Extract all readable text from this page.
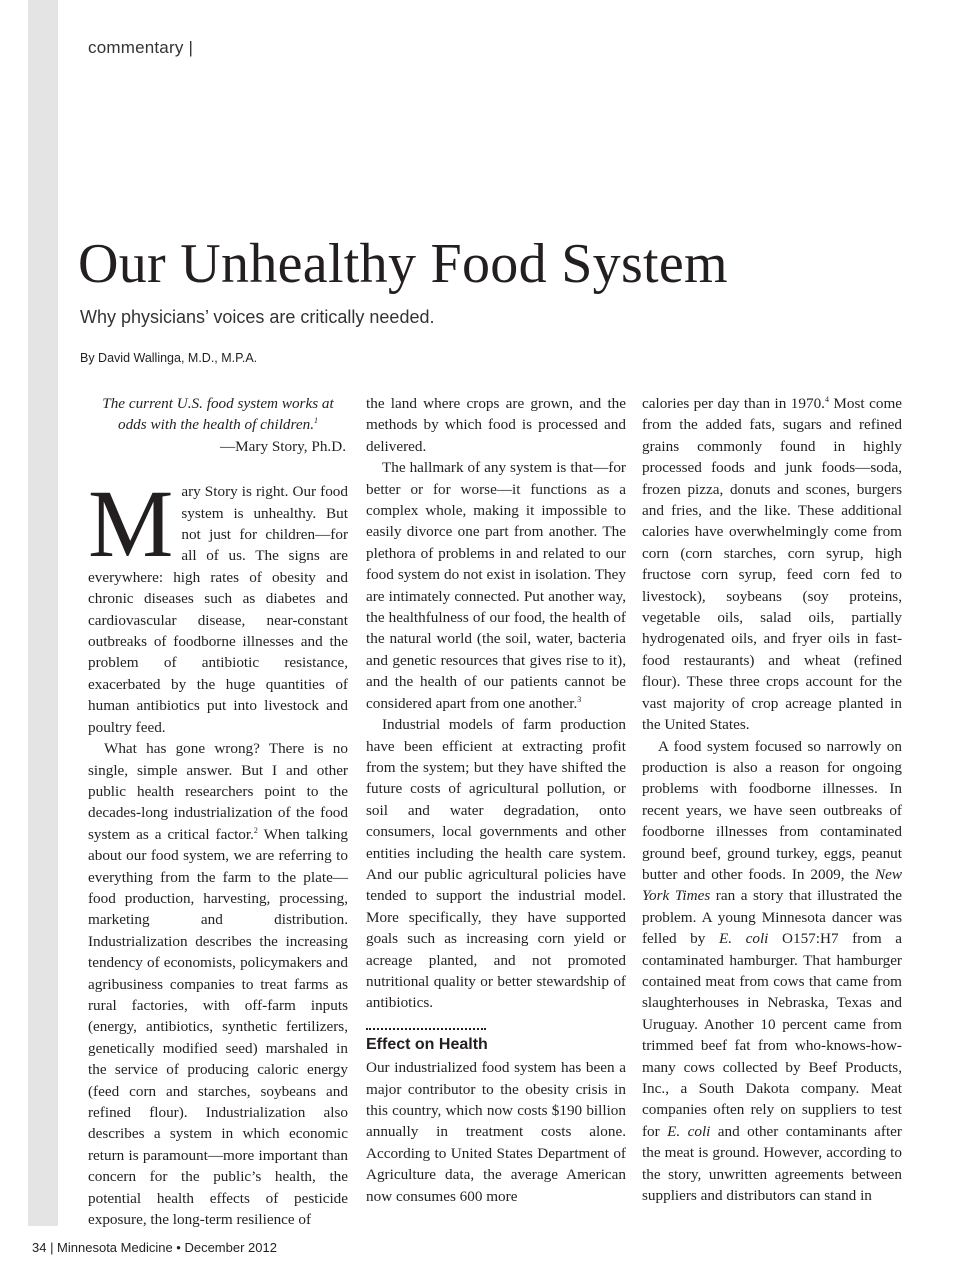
commentary |
Our Unhealthy Food System
Why physicians’ voices are critically needed.
By David Wallinga, M.D., M.P.A.
The current U.S. food system works at odds with the health of children.$^1$
—Mary Story, Ph.D.

Mary Story is right. Our food system is unhealthy. But not just for children—for all of us. The signs are everywhere: high rates of obesity and chronic diseases such as diabetes and cardiovascular disease, near-constant outbreaks of foodborne illnesses and the problem of antibiotic resistance, exacerbated by the huge quantities of human antibiotics put into livestock and poultry feed.

What has gone wrong? There is no single, simple answer. But I and other public health researchers point to the decades-long industrialization of the food system as a critical factor.$^2$ When talking about our food system, we are referring to everything from the farm to the plate—food production, harvesting, processing, marketing and distribution. Industrialization describes the increasing tendency of economists, policymakers and agribusiness companies to treat farms as rural factories, with off-farm inputs (energy, antibiotics, synthetic fertilizers, genetically modified seed) marshaled in the service of producing caloric energy (feed corn and starches, soybeans and refined flour). Industrialization also describes a system in which economic return is paramount—more important than concern for the public’s health, the potential health effects of pesticide exposure, the long-term resilience of

the land where crops are grown, and the methods by which food is processed and delivered.

The hallmark of any system is that—for better or for worse—it functions as a complex whole, making it impossible to easily divorce one part from another. The plethora of problems in and related to our food system do not exist in isolation. They are intimately connected. Put another way, the healthfulness of our food, the health of the natural world (the soil, water, bacteria and genetic resources that gives rise to it), and the health of our patients cannot be considered apart from one another.$^3$

Industrial models of farm production have been efficient at extracting profit from the system; but they have shifted the future costs of agricultural pollution, or soil and water degradation, onto consumers, local governments and other entities including the health care system. And our public agricultural policies have tended to support the industrial model. More specifically, they have supported goals such as increasing corn yield or acreage planted, and not promoted nutritional quality or better stewardship of antibiotics.

Effect on Health

Our industrialized food system has been a major contributor to the obesity crisis in this country, which now costs $190 billion annually in treatment costs alone. According to United States Department of Agriculture data, the average American now consumes 600 more

calories per day than in 1970.$^4$ Most come from the added fats, sugars and refined grains commonly found in highly processed foods and junk foods—soda, frozen pizza, donuts and scones, burgers and fries, and the like. These additional calories have overwhelmingly come from corn (corn starches, corn syrup, high fructose corn syrup, feed corn fed to livestock), soybeans (soy proteins, vegetable oils, salad oils, partially hydrogenated oils, and fryer oils in fast-food restaurants) and wheat (refined flour). These three crops account for the vast majority of crop acreage planted in the United States.

A food system focused so narrowly on production is also a reason for ongoing problems with foodborne illnesses. In recent years, we have seen outbreaks of foodborne illnesses from contaminated ground beef, ground turkey, eggs, peanut butter and other foods. In 2009, the New York Times ran a story that illustrated the problem. A young Minnesota dancer was felled by E. coli O157:H7 from a contaminated hamburger. That hamburger contained meat from cows that came from slaughterhouses in Nebraska, Texas and Uruguay. Another 10 percent came from trimmed beef fat from who-knows-how-many cows collected by Beef Products, Inc., a South Dakota company. Meat companies often rely on suppliers to test for E. coli and other contaminants after the meat is ground. However, according to the story, unwritten agreements between suppliers and distributors can stand in

34 | Minnesota Medicine • December 2012
